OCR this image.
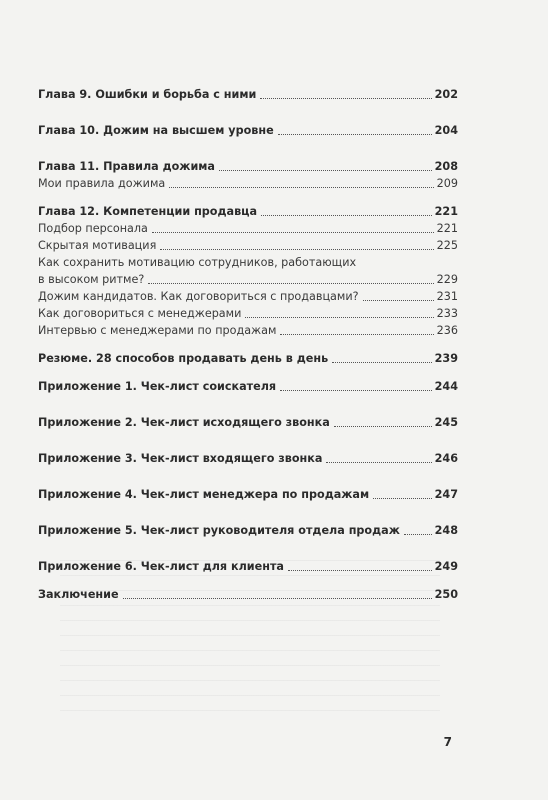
Глава 9. Ошибки и борьба с ними	202
Глава 10. Дожим на высшем уровне	204
Глава 11. Правила дожима	208
Мои правила дожима	209
Глава 12. Компетенции продавца	221
Подбор персонала	221
Скрытая мотивация	225
Как сохранить мотивацию сотрудников, работающих
в высоком ритме?	229
Дожим кандидатов. Как договориться с продавцами?	231
Как договориться с менеджерами	233
Интервью с менеджерами по продажам	236
Резюме. 28 способов продавать день в день	239
Приложение 1. Чек-лист соискателя	244
Приложение 2. Чек-лист исходящего звонка	245
Приложение 3. Чек-лист входящего звонка	246
Приложение 4. Чек-лист менеджера по продажам	247
Приложение 5. Чек-лист руководителя отдела продаж	248
Приложение 6. Чек-лист для клиента	249
Заключение	250
7
